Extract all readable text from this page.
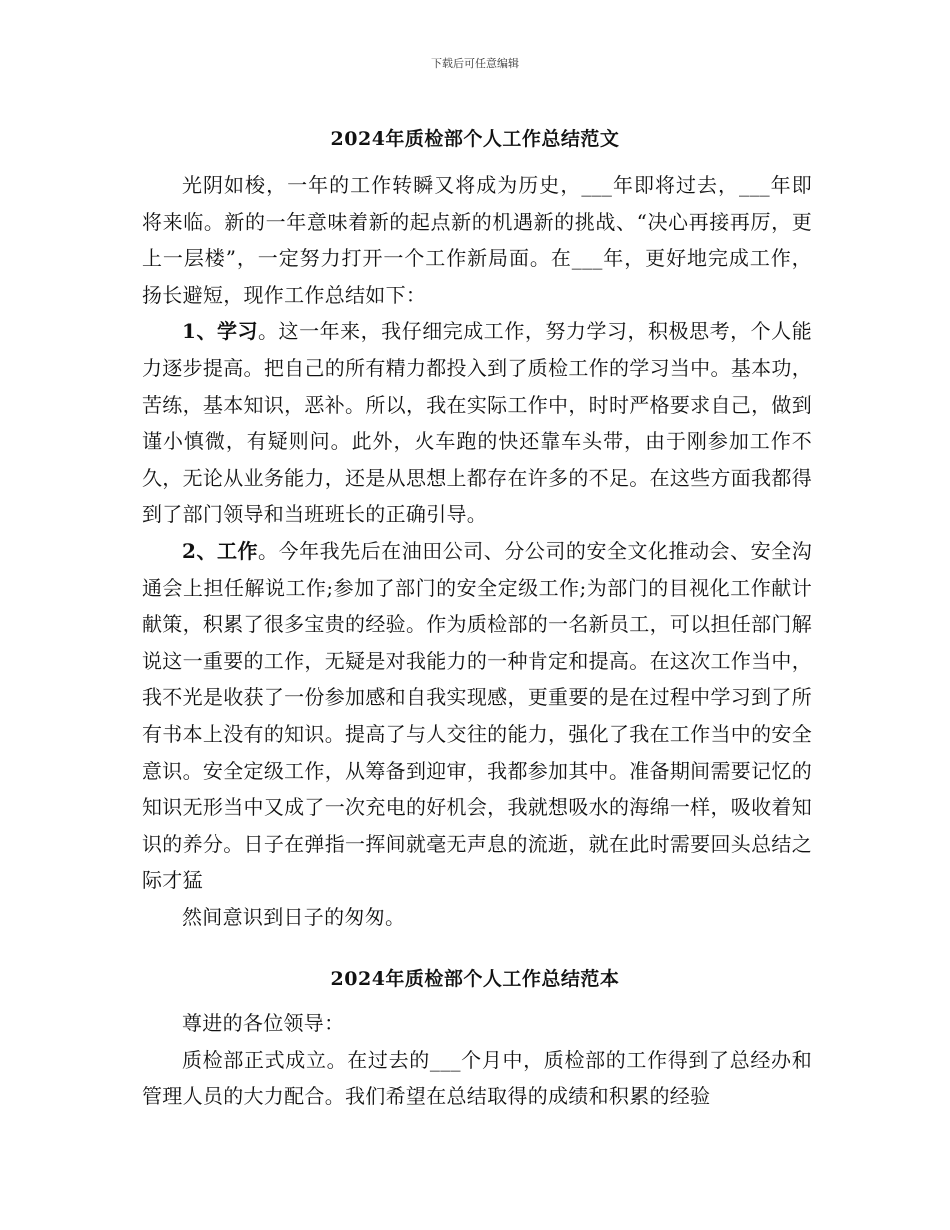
下载后可任意编辑
2024年质检部个人工作总结范文

光阴如梭，一年的工作转瞬又将成为历史，___年即将过去，___年即将来临。新的一年意味着新的起点新的机遇新的挑战、“决心再接再厉，更上一层楼”，一定努力打开一个工作新局面。在___年，更好地完成工作，扬长避短，现作工作总结如下：

1、学习。这一年来，我仔细完成工作，努力学习，积极思考，个人能力逐步提高。把自己的所有精力都投入到了质检工作的学习当中。基本功，苦练，基本知识，恶补。所以，我在实际工作中，时时严格要求自己，做到谨小慎微，有疑则问。此外，火车跑的快还靠车头带，由于刚参加工作不久，无论从业务能力，还是从思想上都存在许多的不足。在这些方面我都得到了部门领导和当班班长的正确引导。

2、工作。今年我先后在油田公司、分公司的安全文化推动会、安全沟通会上担任解说工作;参加了部门的安全定级工作;为部门的目视化工作献计献策，积累了很多宝贵的经验。作为质检部的一名新员工，可以担任部门解说这一重要的工作，无疑是对我能力的一种肯定和提高。在这次工作当中，我不光是收获了一份参加感和自我实现感，更重要的是在过程中学习到了所有书本上没有的知识。提高了与人交往的能力，强化了我在工作当中的安全意识。安全定级工作，从筹备到迎审，我都参加其中。准备期间需要记忆的知识无形当中又成了一次充电的好机会，我就想吸水的海绵一样，吸收着知识的养分。日子在弹指一挥间就毫无声息的流逝，就在此时需要回头总结之际才猛

然间意识到日子的匆匆。

2024年质检部个人工作总结范本

尊进的各位领导：

质检部正式成立。在过去的___个月中，质检部的工作得到了总经办和管理人员的大力配合。我们希望在总结取得的成绩和积累的经验
